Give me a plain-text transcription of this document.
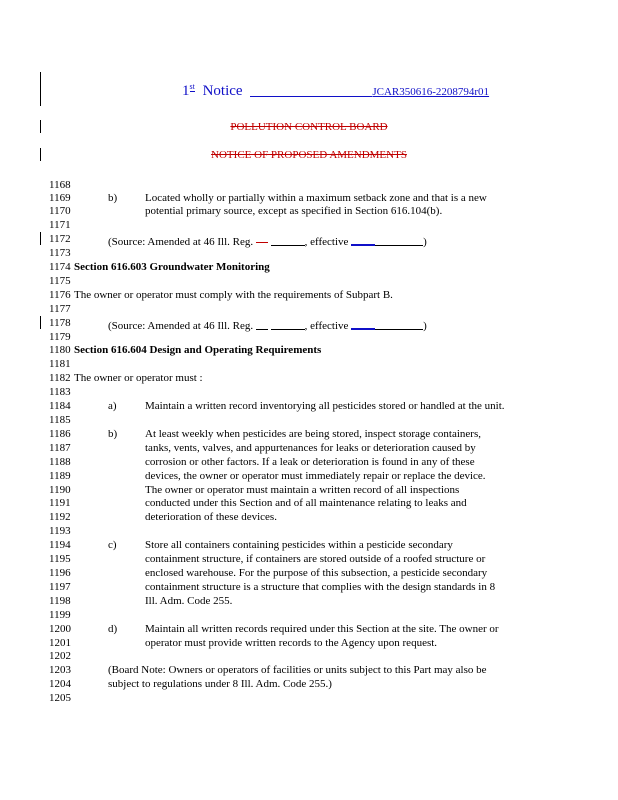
1st Notice	JCAR350616-2208794r01
POLLUTION CONTROL BOARD
NOTICE OF PROPOSED AMENDMENTS
1168
1169	b)	Located wholly or partially within a maximum setback zone and that is a new
1170	potential primary source, except as specified in Section 616.104(b).
1171
1172	(Source: Amended at 46 Ill. Reg.	, effective	)
1173
1174 Section 616.603 Groundwater Monitoring
1175
1176 The owner or operator must comply with the requirements of Subpart B.
1177
1178	(Source: Amended at 46 Ill. Reg.	, effective	)
1179
1180 Section 616.604 Design and Operating Requirements
1181
1182 The owner or operator must :
1183
1184	a)	Maintain a written record inventorying all pesticides stored or handled at the unit.
1185
1186	b)	At least weekly when pesticides are being stored, inspect storage containers,
1187	tanks, vents, valves, and appurtenances for leaks or deterioration caused by
1188	corrosion or other factors. If a leak or deterioration is found in any of these
1189	devices, the owner or operator must immediately repair or replace the device.
1190	The owner or operator must maintain a written record of all inspections
1191	conducted under this Section and of all maintenance relating to leaks and
1192	deterioration of these devices.
1193
1194	c)	Store all containers containing pesticides within a pesticide secondary
1195	containment structure, if containers are stored outside of a roofed structure or
1196	enclosed warehouse. For the purpose of this subsection, a pesticide secondary
1197	containment structure is a structure that complies with the design standards in 8
1198	Ill. Adm. Code 255.
1199
1200	d)	Maintain all written records required under this Section at the site. The owner or
1201	operator must provide written records to the Agency upon request.
1202
1203	(Board Note: Owners or operators of facilities or units subject to this Part may also be
1204	subject to regulations under 8 Ill. Adm. Code 255.)
1205
